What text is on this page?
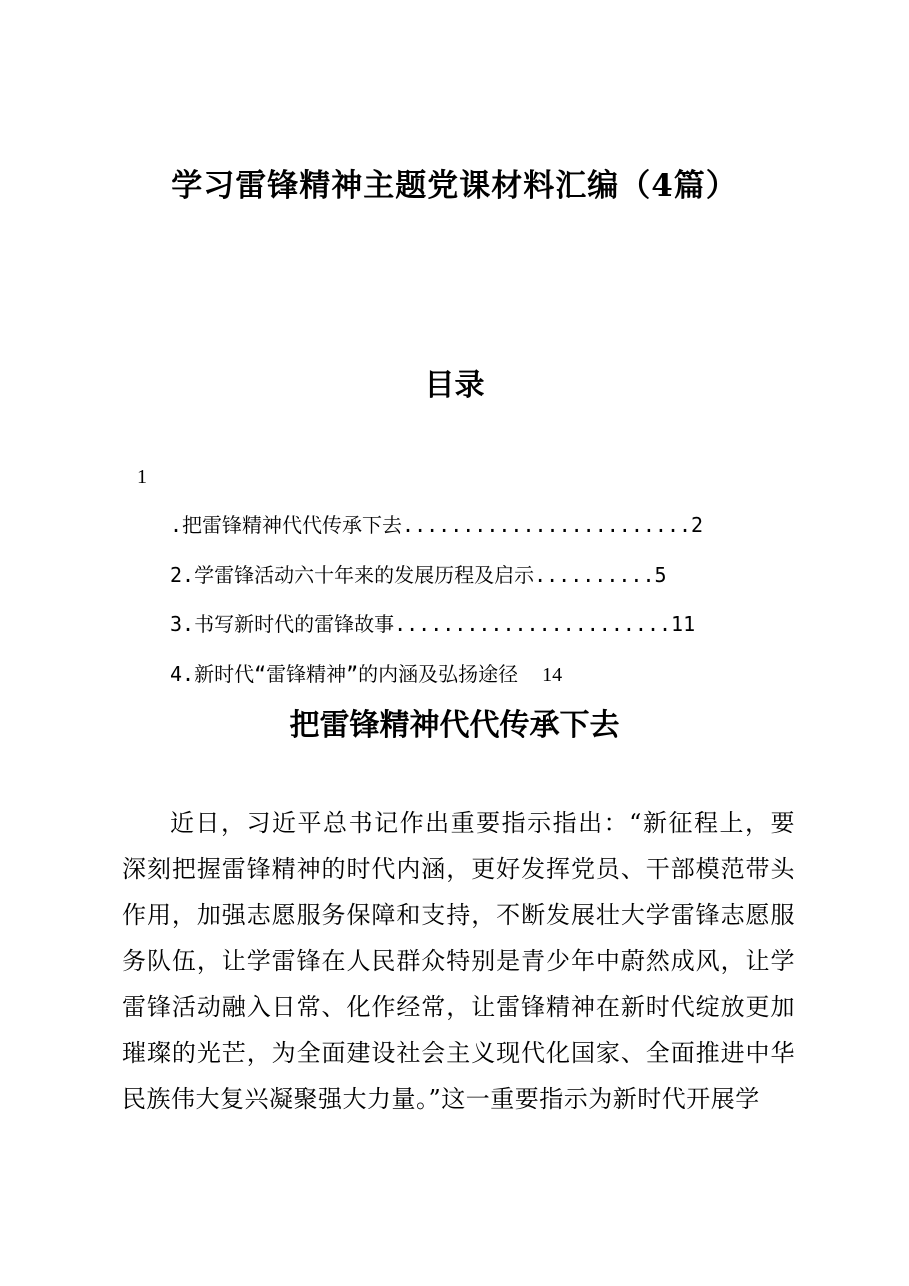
学习雷锋精神主题党课材料汇编（4篇）
目录
1
.把雷锋精神代代传承下去........................2
2.学雷锋活动六十年来的发展历程及启示..........5
3.书写新时代的雷锋故事.......................11
4.新时代“雷锋精神”的内涵及弘扬途径 14
把雷锋精神代代传承下去

近日，习近平总书记作出重要指示指出：“新征程上，要深刻把握雷锋精神的时代内涵，更好发挥党员、干部模范带头作用，加强志愿服务保障和支持，不断发展壮大学雷锋志愿服务队伍，让学雷锋在人民群众特别是青少年中蔚然成风，让学雷锋活动融入日常、化作经常，让雷锋精神在新时代绽放更加璀璨的光芒，为全面建设社会主义现代化国家、全面推进中华民族伟大复兴凝聚强大力量。”这一重要指示为新时代开展学
